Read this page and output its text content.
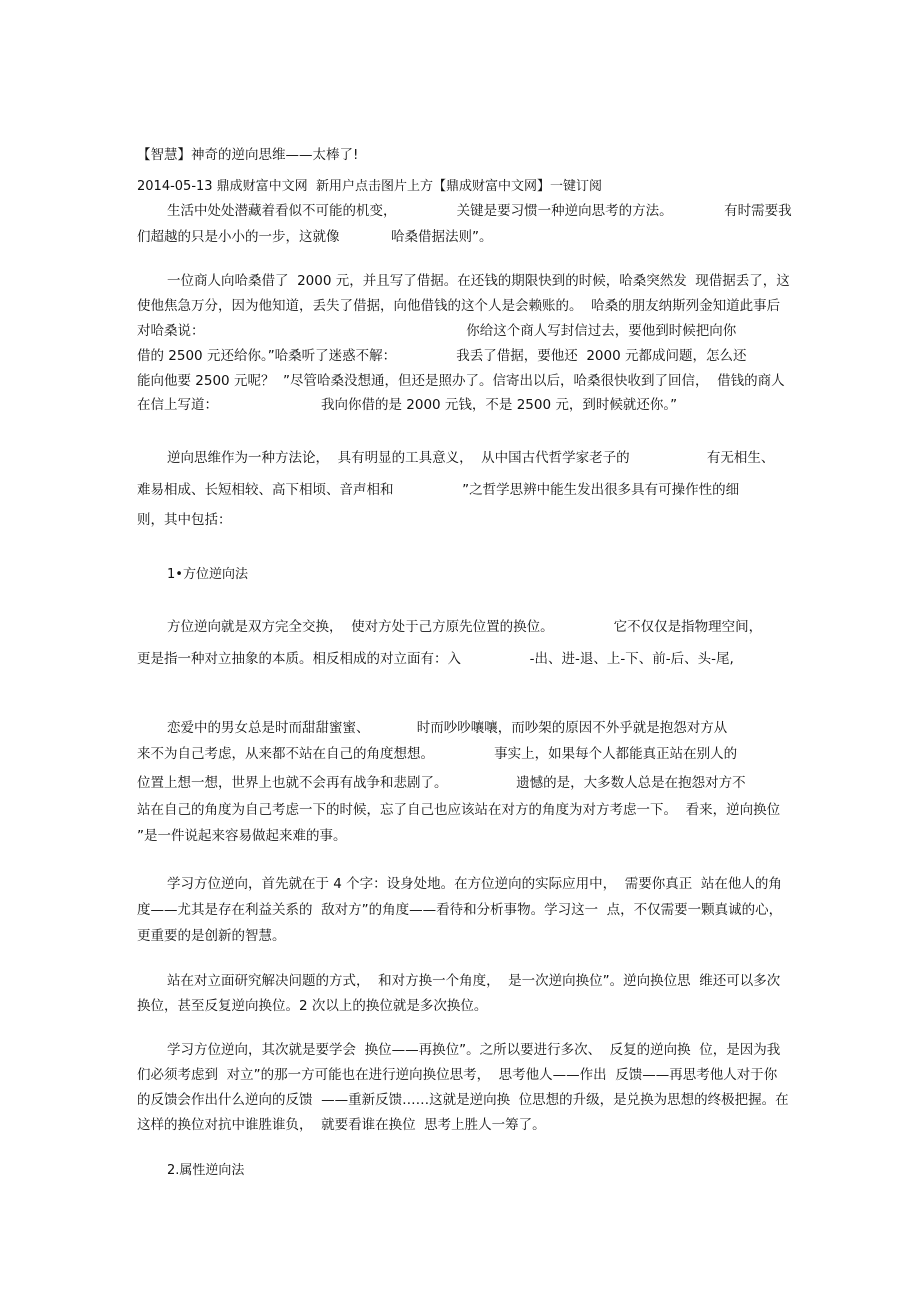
【智慧】神奇的逆向思维——太棒了!
2014-05-13 鼎成财富中文网  新用户点击图片上方【鼎成财富中文网】一键订阅
生活中处处潜藏着看似不可能的机变，              关键是要习惯一种逆向思考的方法。            有时需要我
们超越的只是小小的一步，这就像            哈桑借据法则”。
一位商人向哈桑借了  2000 元，并且写了借据。在还钱的期限快到的时候，哈桑突然发  现借据丢了，这
使他焦急万分，因为他知道，丢失了借据，向他借钱的这个人是会赖账的。  哈桑的朋友纳斯列金知道此事后
对哈桑说：                                                             你给这个商人写封信过去，要他到时候把向你
借的 2500 元还给你。”哈桑听了迷惑不解：              我丢了借据，要他还  2000 元都成问题，怎么还
能向他要 2500 元呢？  ”尽管哈桑没想通，但还是照办了。信寄出以后，哈桑很快收到了回信，  借钱的商人
在信上写道：                        我向你借的是 2000 元钱，不是 2500 元，到时候就还你。”
逆向思维作为一种方法论，  具有明显的工具意义，  从中国古代哲学家老子的                  有无相生、
难易相成、长短相较、高下相顷、音声相和                ”之哲学思辨中能生发出很多具有可操作性的细
则，其中包括：
1•方位逆向法
方位逆向就是双方完全交换，  使对方处于己方原先位置的换位。              它不仅仅是指物理空间，
更是指一种对立抽象的本质。相反相成的对立面有：入                -出、进-退、上-下、前-后、头-尾,
恋爱中的男女总是时而甜甜蜜蜜、           时而吵吵嚷嚷，而吵架的原因不外乎就是抱怨对方从
来不为自己考虑，从来都不站在自己的角度想想。              事实上，如果每个人都能真正站在别人的
位置上想一想，世界上也就不会再有战争和悲剧了。                遗憾的是，大多数人总是在抱怨对方不
站在自己的角度为自己考虑一下的时候，忘了自己也应该站在对方的角度为对方考虑一下。  看来，逆向换位
”是一件说起来容易做起来难的事。
学习方位逆向，首先就在于 4 个字：设身处地。在方位逆向的实际应用中，  需要你真正  站在他人的角
度——尤其是存在利益关系的  敌对方”的角度——看待和分析事物。学习这一  点，不仅需要一颗真诚的心，
更重要的是创新的智慧。
站在对立面研究解决问题的方式，  和对方换一个角度，  是一次逆向换位”。逆向换位思  维还可以多次
换位，甚至反复逆向换位。2 次以上的换位就是多次换位。
学习方位逆向，其次就是要学会  换位——再换位”。之所以要进行多次、  反复的逆向换  位，是因为我
们必须考虑到  对立”的那一方可能也在进行逆向换位思考，  思考他人——作出  反馈——再思考他人对于你
的反馈会作出什么逆向的反馈  ——重新反馈……这就是逆向换  位思想的升级，是兑换为思想的终极把握。在
这样的换位对抗中谁胜谁负，  就要看谁在换位  思考上胜人一筹了。
2.属性逆向法
